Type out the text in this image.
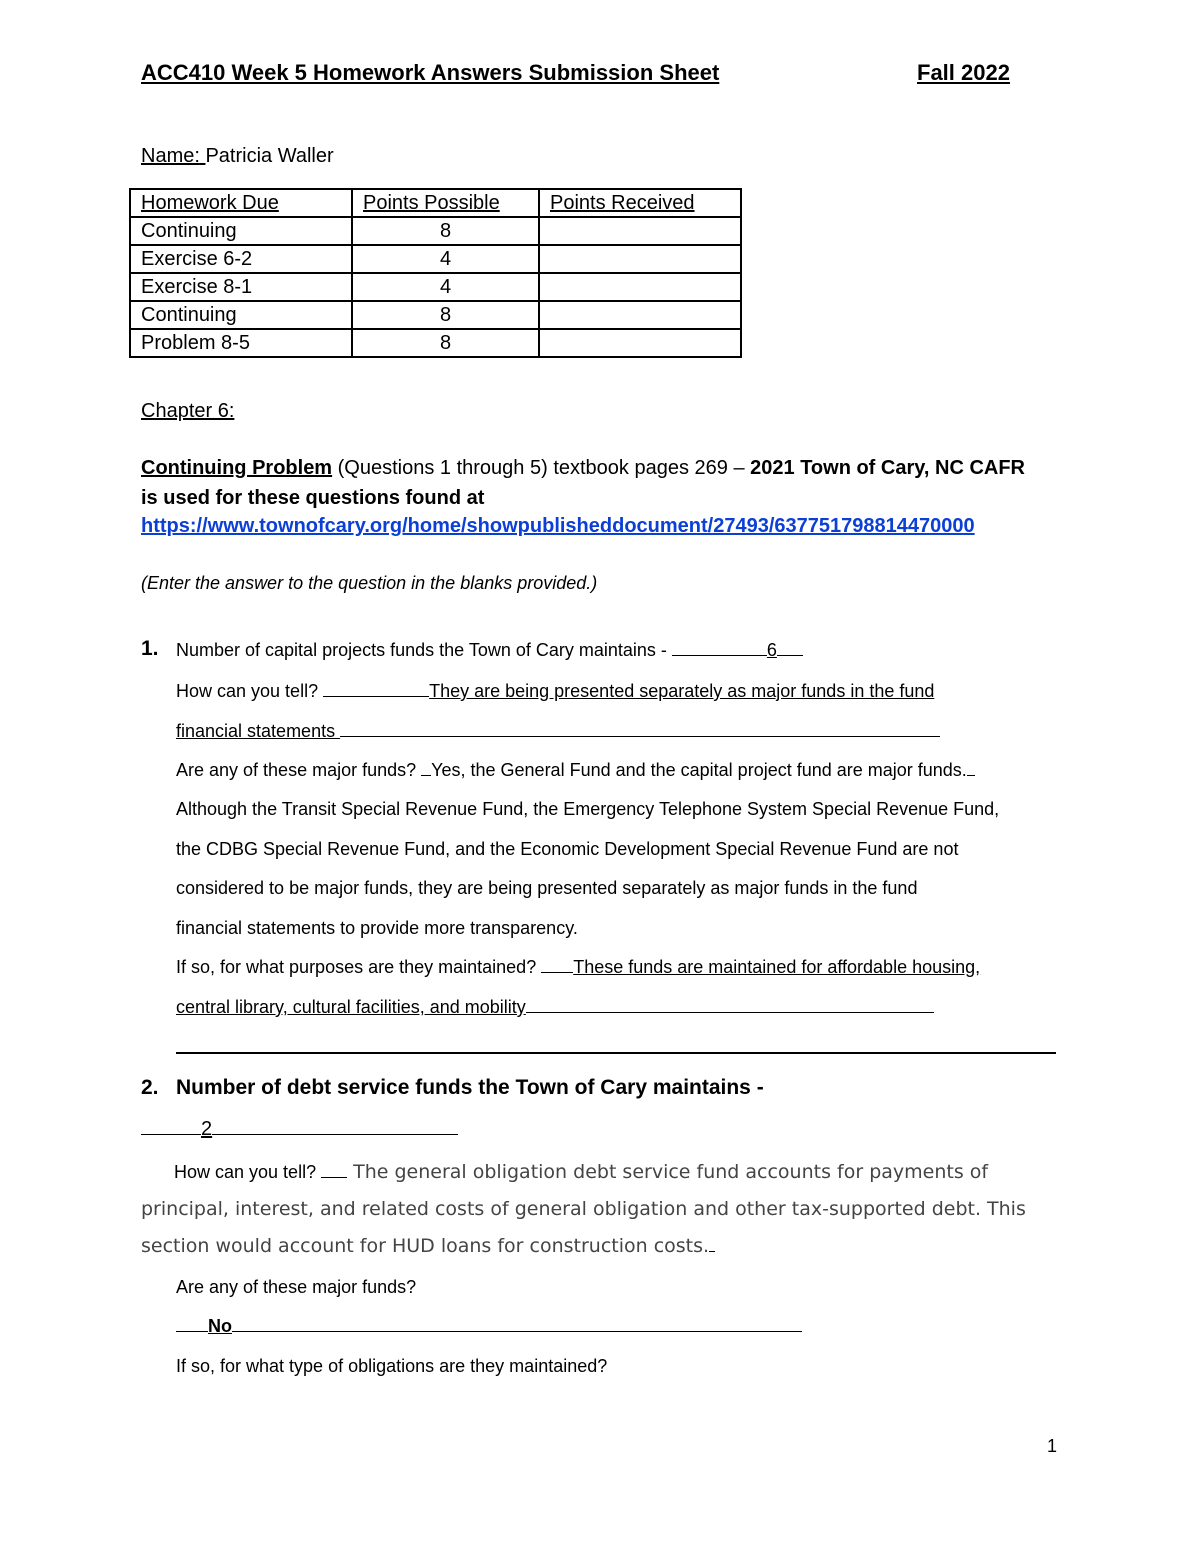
ACC410 Week 5 Homework Answers Submission Sheet	Fall 2022
Name: Patricia Waller
Homework Due	Points Possible	Points Received
Continuing	8	
Exercise 6-2	4	
Exercise 8-1	4	
Continuing	8	
Problem 8-5	8	
Chapter 6:
Continuing Problem (Questions 1 through 5) textbook pages 269 – 2021 Town of Cary, NC CAFR
is used for these questions found at
https://www.townofcary.org/home/showpublisheddocument/27493/637751798814470000
(Enter the answer to the question in the blanks provided.)
1. Number of capital projects funds the Town of Cary maintains -	6
How can you tell?	They are being presented separately as major funds in the fund
financial statements
Are any of these major funds? Yes, the General Fund and the capital project fund are major funds.
Although the Transit Special Revenue Fund, the Emergency Telephone System Special Revenue Fund,
the CDBG Special Revenue Fund, and the Economic Development Special Revenue Fund are not
considered to be major funds, they are being presented separately as major funds in the fund
financial statements to provide more transparency.
If so, for what purposes are they maintained? These funds are maintained for affordable housing,
central library, cultural facilities, and mobility
2. Number of debt service funds the Town of Cary maintains -
2
How can you tell?  The general obligation debt service fund accounts for payments of
principal, interest, and related costs of general obligation and other tax-supported debt. This
section would account for HUD loans for construction costs.
Are any of these major funds?
No
If so, for what type of obligations are they maintained?
1
